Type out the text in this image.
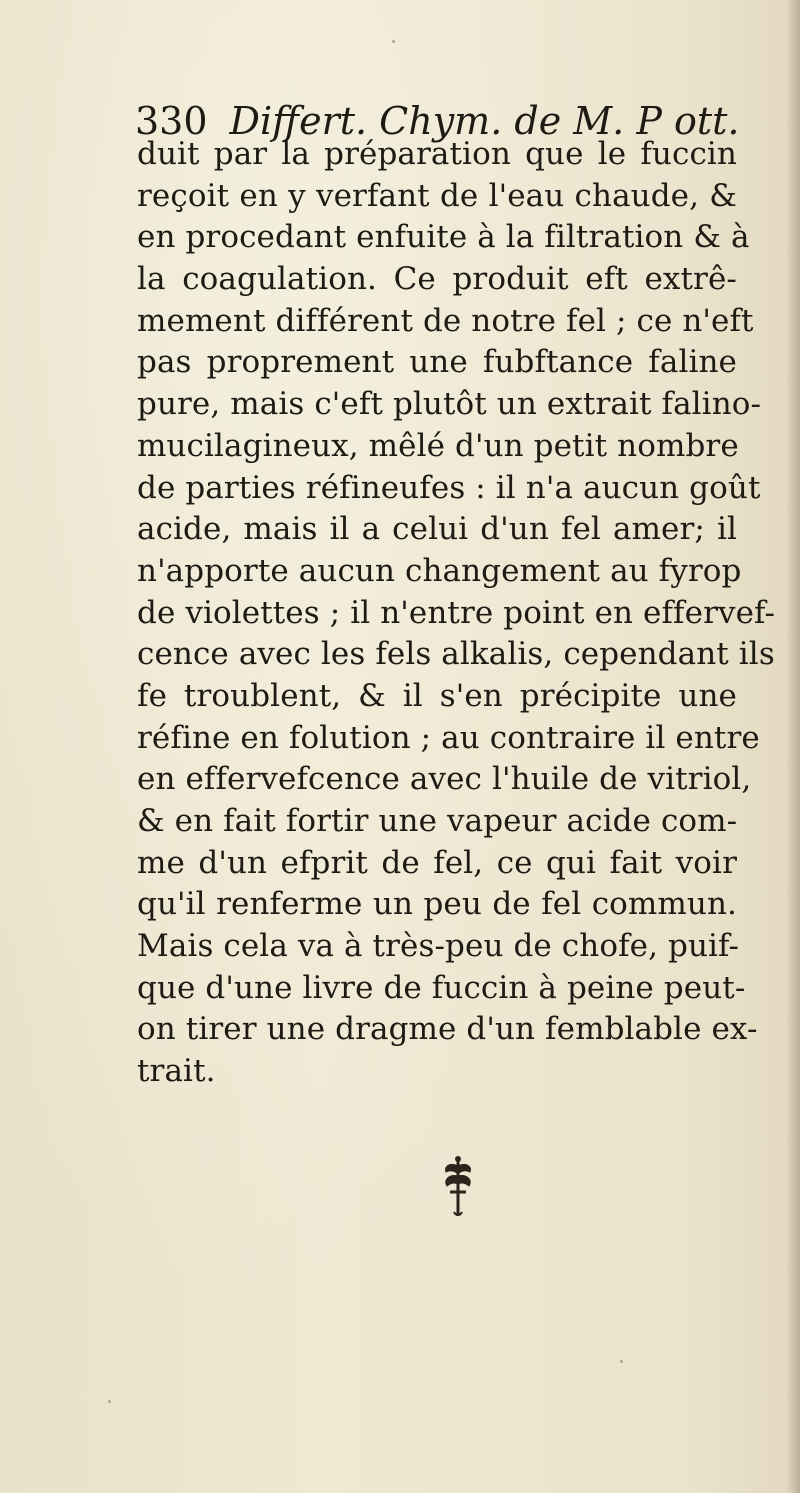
330 Differt. Chym. de M. P ott.
duit par la préparation que le fuccin
reçoit en y verfant de l'eau chaude, &
en procedant enfuite à la filtration & à
la coagulation. Ce produit eft extrê-
mement différent de notre fel ; ce n'eft
pas proprement une fubftance faline
pure, mais c'eft plutôt un extrait falino-
mucilagineux, mêlé d'un petit nombre
de parties réfineufes : il n'a aucun goût
acide, mais il a celui d'un fel amer; il
n'apporte aucun changement au fyrop
de violettes ; il n'entre point en effervef-
cence avec les fels alkalis, cependant ils
fe troublent, & il s'en précipite une
réfine en folution ; au contraire il entre
en effervefcence avec l'huile de vitriol,
& en fait fortir une vapeur acide com-
me d'un efprit de fel, ce qui fait voir
qu'il renferme un peu de fel commun.
Mais cela va à très-peu de chofe, puif-
que d'une livre de fuccin à peine peut-
on tirer une dragme d'un femblable ex-
trait.
